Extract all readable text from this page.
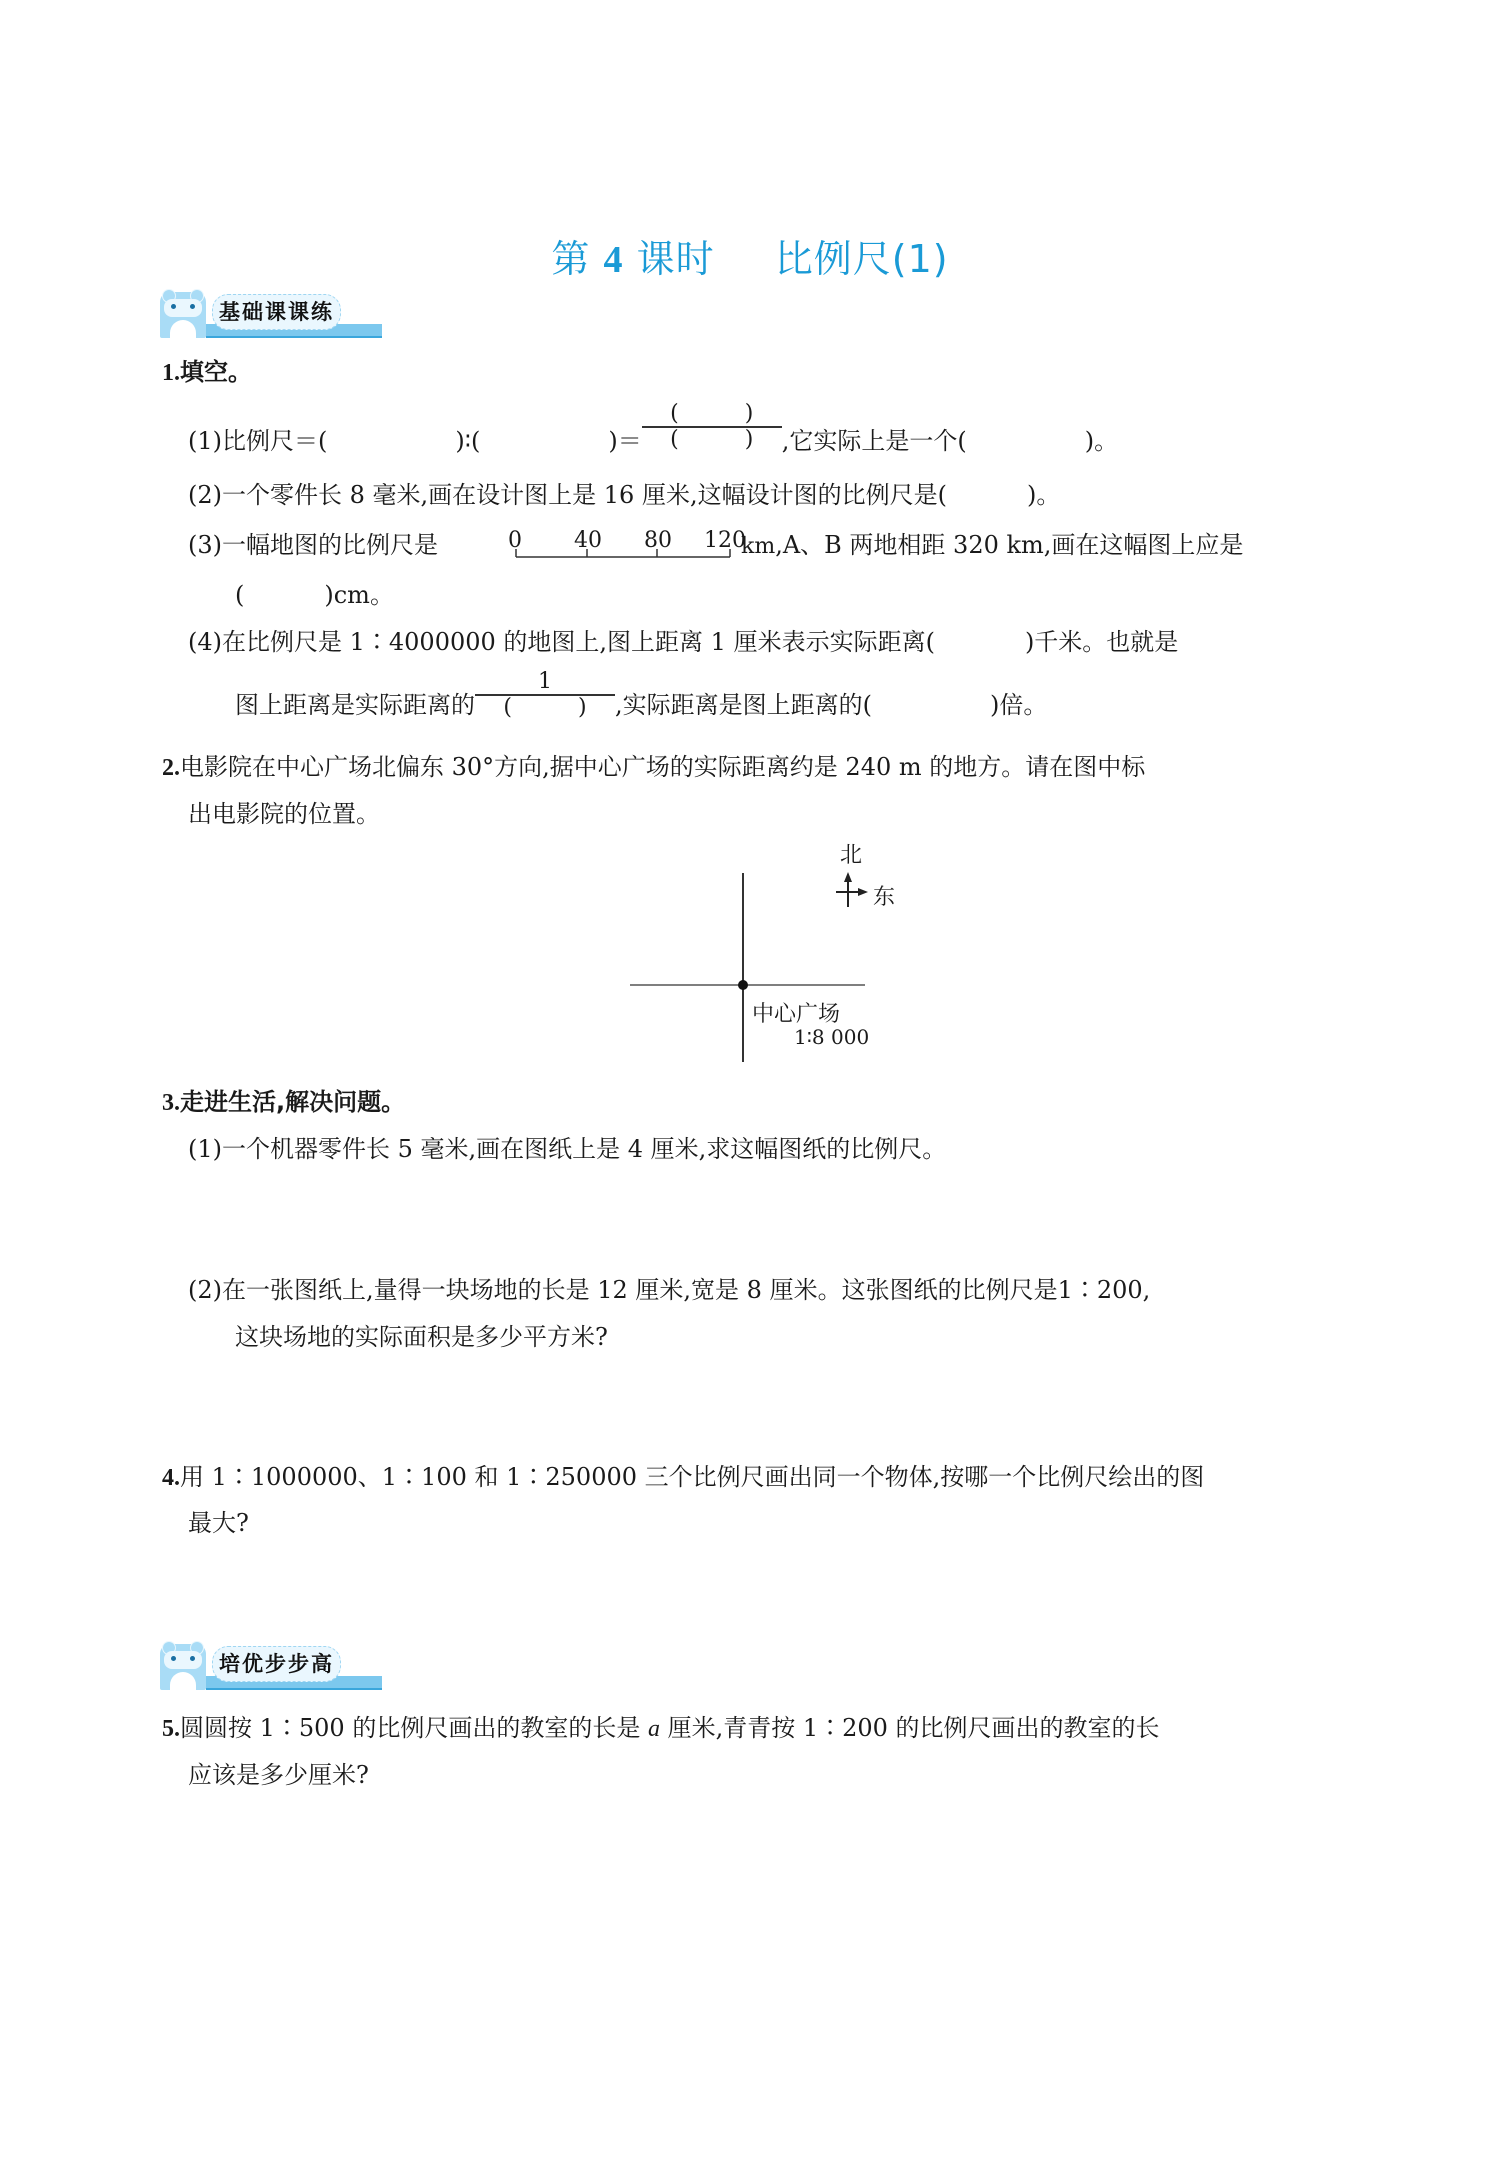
第 4 课时 比例尺(1)
基础课课练
1.填空。
(1)比例尺＝(	)∶(	)＝ $\frac{( )}{( )}$ ,它实际上是一个(	)。
(2)一个零件长 8 毫米,画在设计图上是 16 厘米,这幅设计图的比例尺是(	)。
(3)一幅地图的比例尺是	0 40 80 120
km,A、B 两地相距 320 km,画在这幅图上应是
(	)cm。
(4)在比例尺是 1∶4000000 的地图上,图上距离 1 厘米表示实际距离(	)千米。也就是
图上距离是实际距离的 $\frac{1}{( )}$ ,实际距离是图上距离的(	)倍。
2.电影院在中心广场北偏东 30°方向,据中心广场的实际距离约是 240 m 的地方。请在图中标
出电影院的位置。
北
东
中心广场
1∶8 000
3.走进生活,解决问题。
(1)一个机器零件长 5 毫米,画在图纸上是 4 厘米,求这幅图纸的比例尺。
(2)在一张图纸上,量得一块场地的长是 12 厘米,宽是 8 厘米。这张图纸的比例尺是1∶200,
这块场地的实际面积是多少平方米?
4.用 1∶1000000、1∶100 和 1∶250000 三个比例尺画出同一个物体,按哪一个比例尺绘出的图
最大?
培优步步高
5.圆圆按 1∶500 的比例尺画出的教室的长是 a 厘米,青青按 1∶200 的比例尺画出的教室的长
应该是多少厘米?
